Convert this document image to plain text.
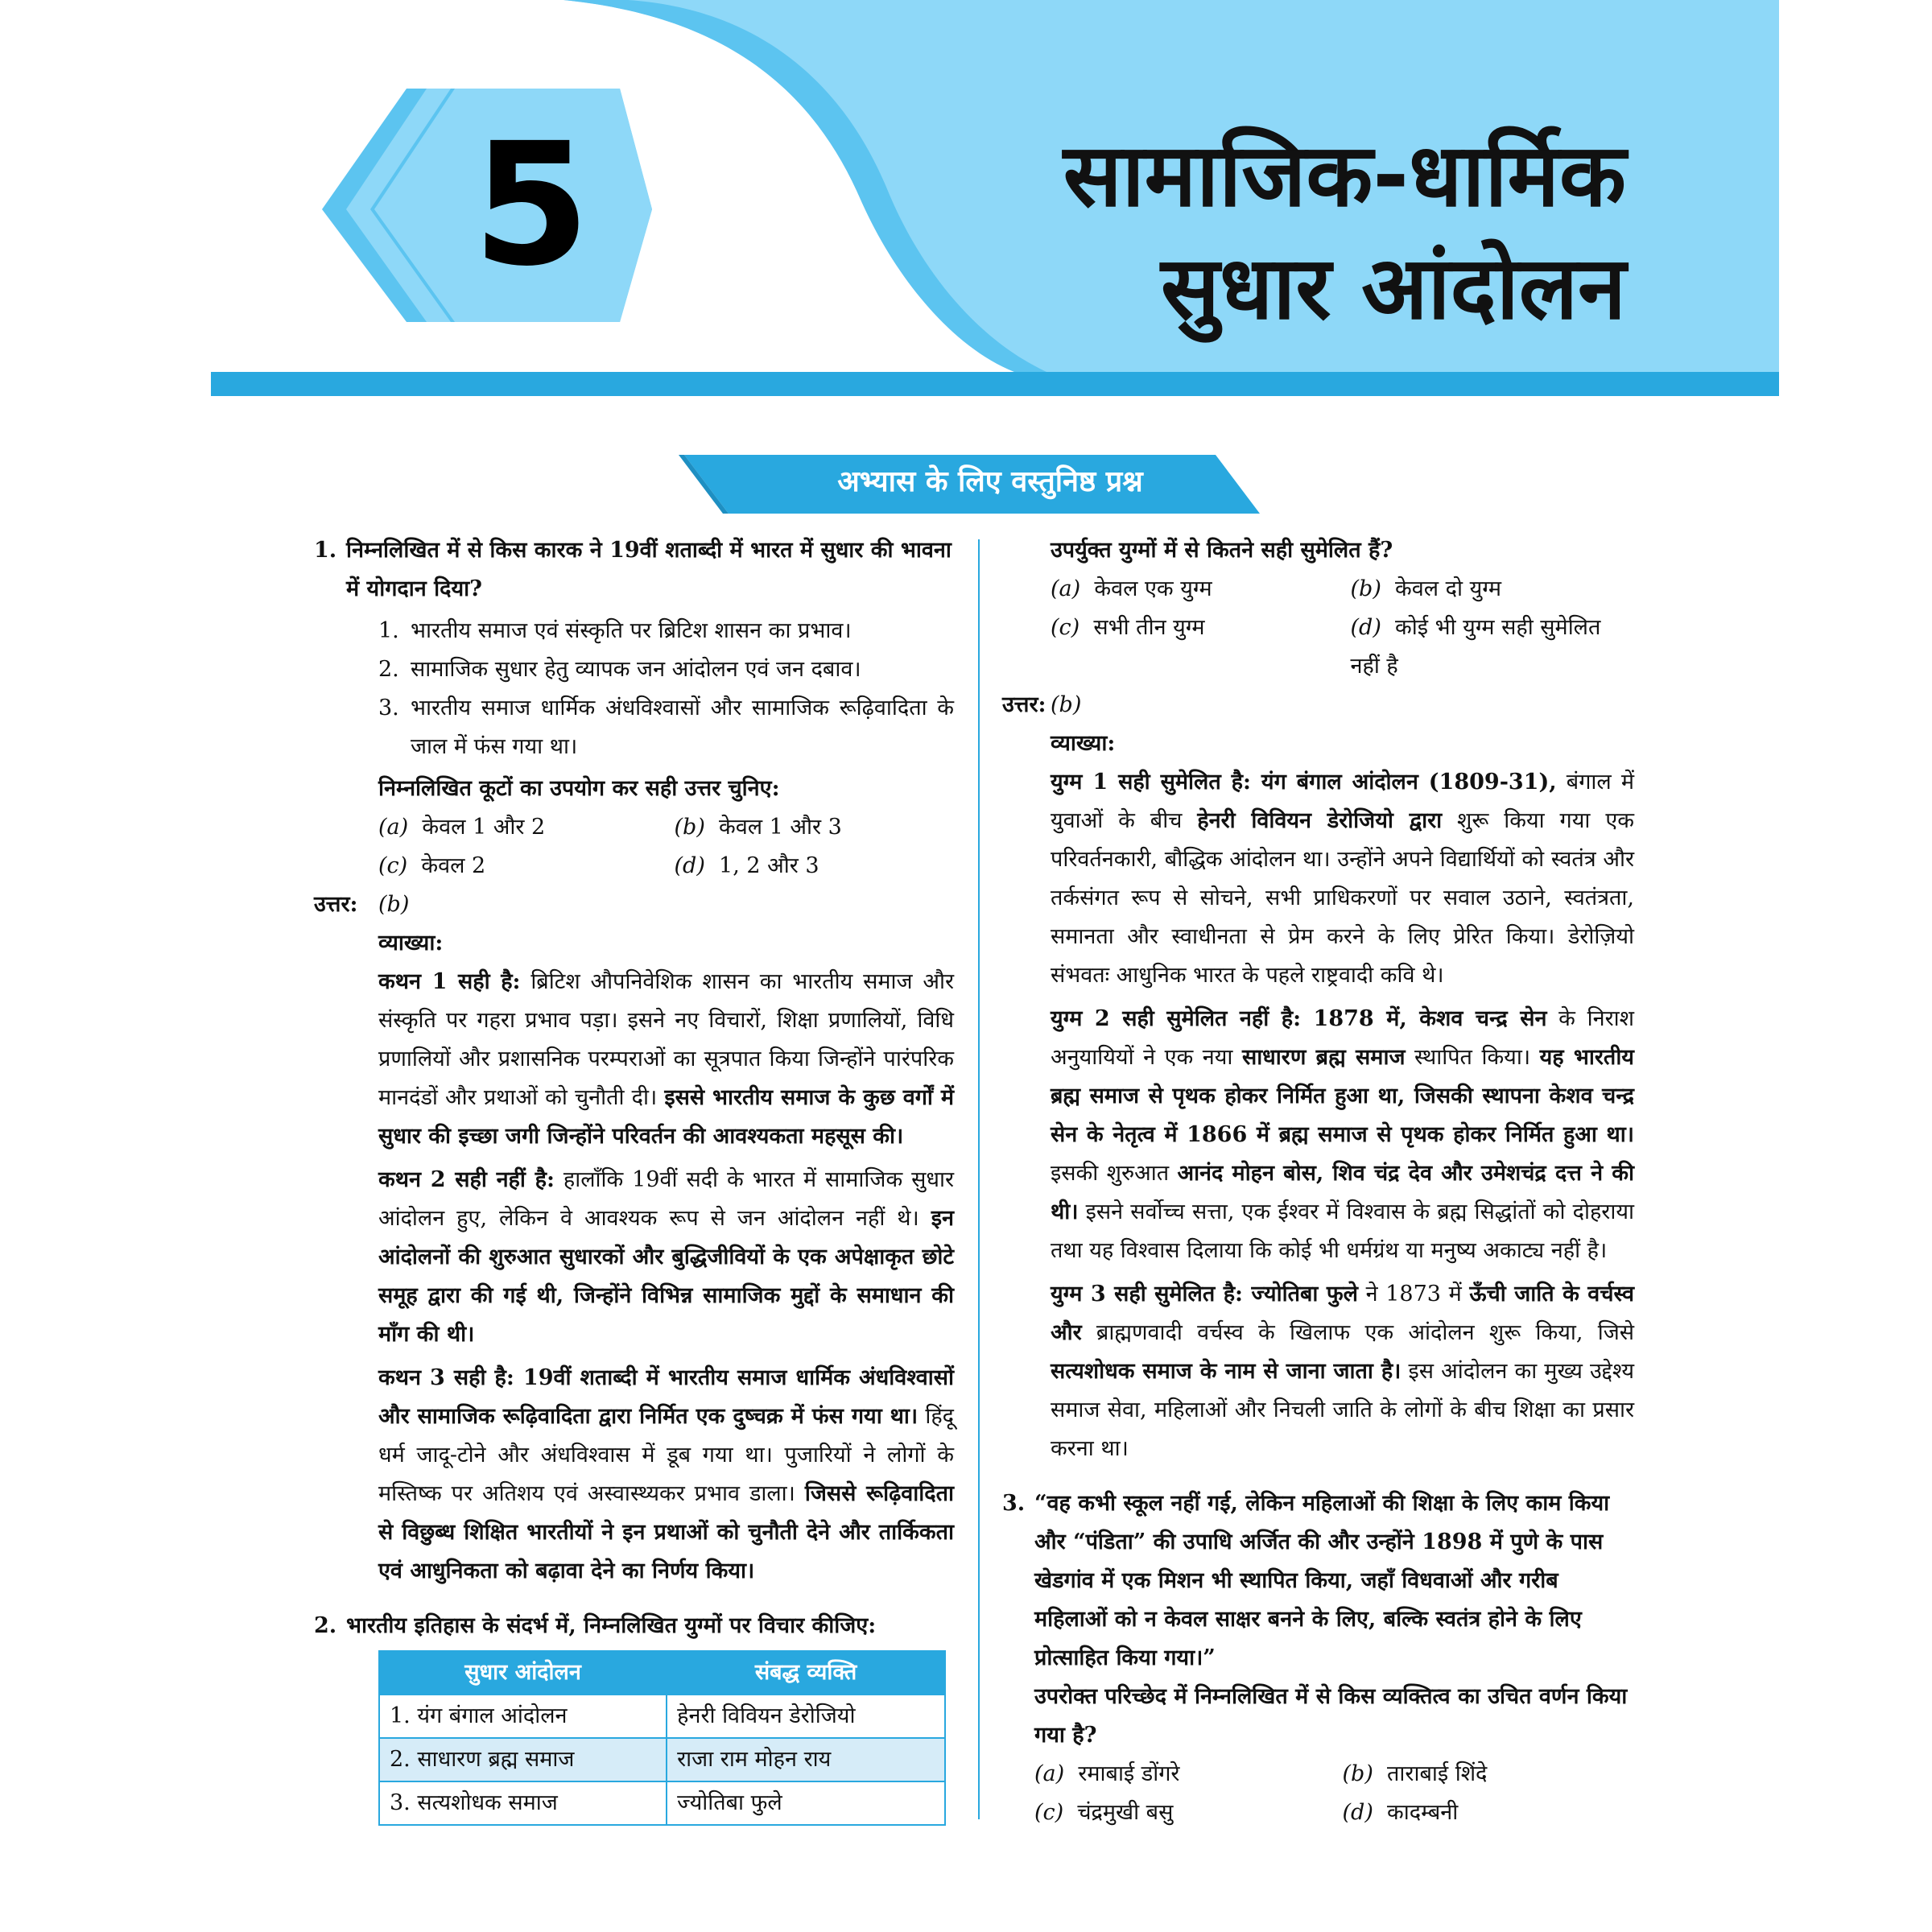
5	सामाजिक-धार्मिक
सुधार आंदोलन
अभ्यास के लिए वस्तुनिष्ठ प्रश्न
1. निम्नलिखित में से किस कारक ने 19वीं शताब्दी में भारत में सुधार की भावना में योगदान दिया?
1. भारतीय समाज एवं संस्कृति पर ब्रिटिश शासन का प्रभाव।
2. सामाजिक सुधार हेतु व्यापक जन आंदोलन एवं जन दबाव।
3. भारतीय समाज धार्मिक अंधविश्वासों और सामाजिक रूढ़िवादिता के जाल में फंस गया था।
निम्नलिखित कूटों का उपयोग कर सही उत्तर चुनिए:
(a) केवल 1 और 2	(b) केवल 1 और 3
(c) केवल 2	(d) 1, 2 और 3
उत्तर: (b)
व्याख्या:
कथन 1 सही है: ब्रिटिश औपनिवेशिक शासन का भारतीय समाज और संस्कृति पर गहरा प्रभाव पड़ा। इसने नए विचारों, शिक्षा प्रणालियों, विधि प्रणालियों और प्रशासनिक परम्पराओं का सूत्रपात किया जिन्होंने पारंपरिक मानदंडों और प्रथाओं को चुनौती दी। इससे भारतीय समाज के कुछ वर्गों में सुधार की इच्छा जगी जिन्होंने परिवर्तन की आवश्यकता महसूस की।
कथन 2 सही नहीं है: हालाँकि 19वीं सदी के भारत में सामाजिक सुधार आंदोलन हुए, लेकिन वे आवश्यक रूप से जन आंदोलन नहीं थे। इन आंदोलनों की शुरुआत सुधारकों और बुद्धिजीवियों के एक अपेक्षाकृत छोटे समूह द्वारा की गई थी, जिन्होंने विभिन्न सामाजिक मुद्दों के समाधान की माँग की थी।
कथन 3 सही है: 19वीं शताब्दी में भारतीय समाज धार्मिक अंधविश्वासों और सामाजिक रूढ़िवादिता द्वारा निर्मित एक दुष्चक्र में फंस गया था। हिंदू धर्म जादू-टोने और अंधविश्वास में डूब गया था। पुजारियों ने लोगों के मस्तिष्क पर अतिशय एवं अस्वास्थ्यकर प्रभाव डाला। जिससे रूढ़िवादिता से विछुब्ध शिक्षित भारतीयों ने इन प्रथाओं को चुनौती देने और तार्किकता एवं आधुनिकता को बढ़ावा देने का निर्णय किया।
2. भारतीय इतिहास के संदर्भ में, निम्नलिखित युग्मों पर विचार कीजिए:
सुधार आंदोलन	संबद्ध व्यक्ति
1. यंग बंगाल आंदोलन	हेनरी विवियन डेरोजियो
2. साधारण ब्रह्म समाज	राजा राम मोहन राय
3. सत्यशोधक समाज	ज्योतिबा फुले
उपर्युक्त युग्मों में से कितने सही सुमेलित हैं?
(a) केवल एक युग्म	(b) केवल दो युग्म
(c) सभी तीन युग्म	(d) कोई भी युग्म सही सुमेलित नहीं है
उत्तर: (b)
व्याख्या:
युग्म 1 सही सुमेलित है: यंग बंगाल आंदोलन (1809-31), बंगाल में युवाओं के बीच हेनरी विवियन डेरोजियो द्वारा शुरू किया गया एक परिवर्तनकारी, बौद्धिक आंदोलन था। उन्होंने अपने विद्यार्थियों को स्वतंत्र और तर्कसंगत रूप से सोचने, सभी प्राधिकरणों पर सवाल उठाने, स्वतंत्रता, समानता और स्वाधीनता से प्रेम करने के लिए प्रेरित किया। डेरोज़ियो संभवतः आधुनिक भारत के पहले राष्ट्रवादी कवि थे।
युग्म 2 सही सुमेलित नहीं है: 1878 में, केशव चन्द्र सेन के निराश अनुयायियों ने एक नया साधारण ब्रह्म समाज स्थापित किया। यह भारतीय ब्रह्म समाज से पृथक होकर निर्मित हुआ था, जिसकी स्थापना केशव चन्द्र सेन के नेतृत्व में 1866 में ब्रह्म समाज से पृथक होकर निर्मित हुआ था। इसकी शुरुआत आनंद मोहन बोस, शिव चंद्र देव और उमेशचंद्र दत्त ने की थी। इसने सर्वोच्च सत्ता, एक ईश्वर में विश्वास के ब्रह्म सिद्धांतों को दोहराया तथा यह विश्वास दिलाया कि कोई भी धर्मग्रंथ या मनुष्य अकाट्य नहीं है।
युग्म 3 सही सुमेलित है: ज्योतिबा फुले ने 1873 में ऊँची जाति के वर्चस्व और ब्राह्मणवादी वर्चस्व के खिलाफ एक आंदोलन शुरू किया, जिसे सत्यशोधक समाज के नाम से जाना जाता है। इस आंदोलन का मुख्य उद्देश्य समाज सेवा, महिलाओं और निचली जाति के लोगों के बीच शिक्षा का प्रसार करना था।
3. “वह कभी स्कूल नहीं गई, लेकिन महिलाओं की शिक्षा के लिए काम किया और “पंडिता” की उपाधि अर्जित की और उन्होंने 1898 में पुणे के पास खेडगांव में एक मिशन भी स्थापित किया, जहाँ विधवाओं और गरीब महिलाओं को न केवल साक्षर बनने के लिए, बल्कि स्वतंत्र होने के लिए प्रोत्साहित किया गया।”
उपरोक्त परिच्छेद में निम्नलिखित में से किस व्यक्तित्व का उचित वर्णन किया गया है?
(a) रमाबाई डोंगरे	(b) ताराबाई शिंदे
(c) चंद्रमुखी बसु	(d) कादम्बनी
